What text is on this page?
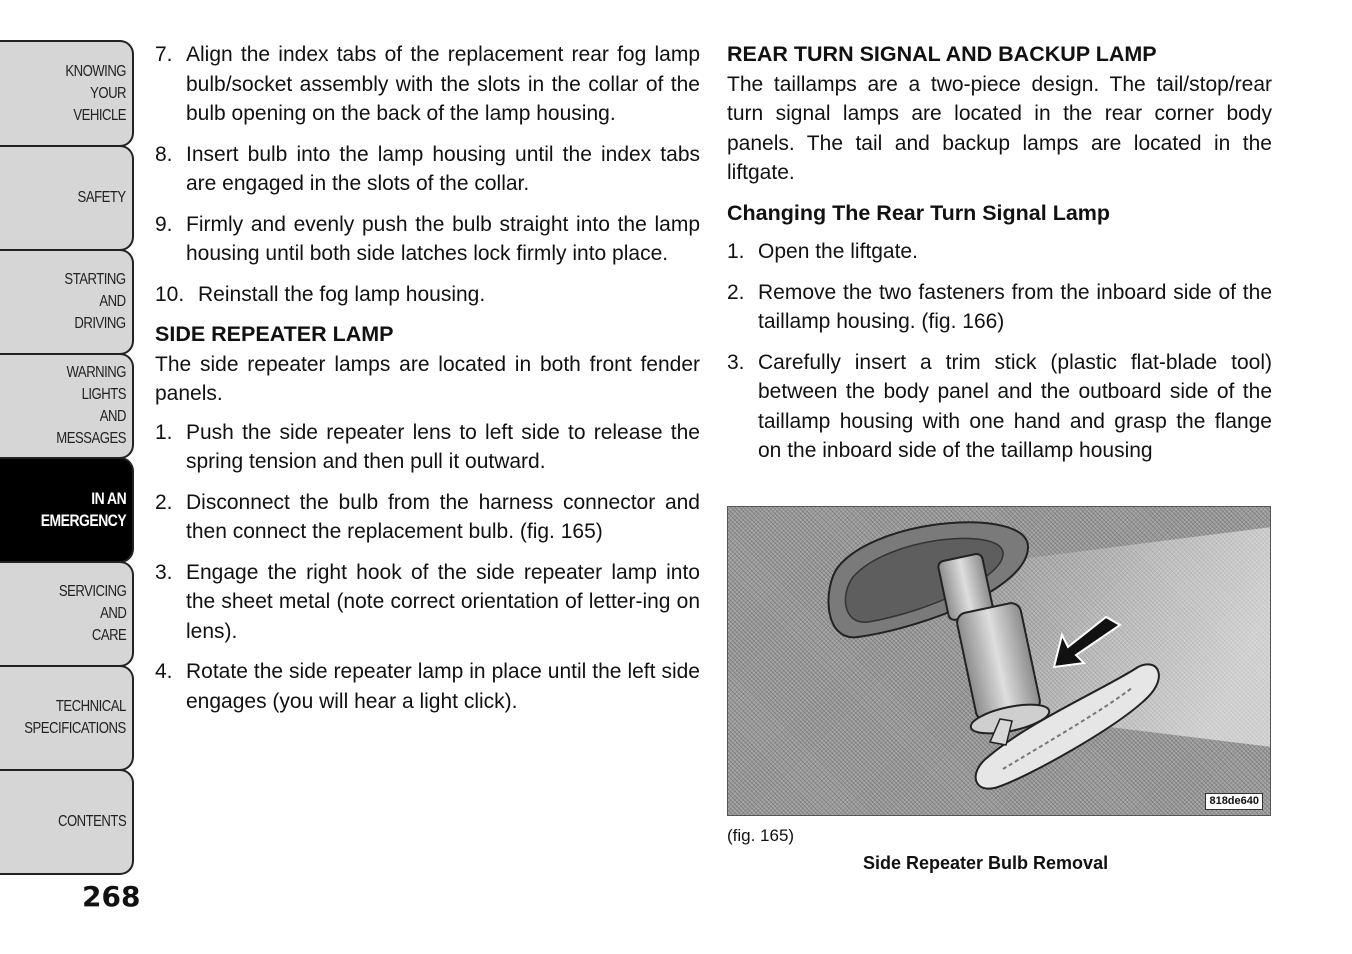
KNOWING
YOUR
VEHICLE
SAFETY
STARTING
AND
DRIVING
WARNING
LIGHTS
AND
MESSAGES
IN AN
EMERGENCY
SERVICING
AND
CARE
TECHNICAL
SPECIFICATIONS
CONTENTS
268
7. Align the index tabs of the replacement rear fog lamp bulb/socket assembly with the slots in the collar of the bulb opening on the back of the lamp housing.
8. Insert bulb into the lamp housing until the index tabs are engaged in the slots of the collar.
9. Firmly and evenly push the bulb straight into the lamp housing until both side latches lock firmly into place.
10. Reinstall the fog lamp housing.

SIDE REPEATER LAMP

The side repeater lamps are located in both front fender panels.

1. Push the side repeater lens to left side to release the spring tension and then pull it outward.
2. Disconnect the bulb from the harness connector and then connect the replacement bulb. (fig. 165)
3. Engage the right hook of the side repeater lamp into the sheet metal (note correct orientation of letter-ing on lens).
4. Rotate the side repeater lamp in place until the left side engages (you will hear a light click).

REAR TURN SIGNAL AND BACKUP LAMP

The taillamps are a two-piece design. The tail/stop/rear turn signal lamps are located in the rear corner body panels. The tail and backup lamps are located in the liftgate.

Changing The Rear Turn Signal Lamp

1. Open the liftgate.
2. Remove the two fasteners from the inboard side of the taillamp housing. (fig. 166)
3. Carefully insert a trim stick (plastic flat-blade tool) between the body panel and the outboard side of the taillamp housing with one hand and grasp the flange on the inboard side of the taillamp housing
818de640
(fig. 165)
Side Repeater Bulb Removal
